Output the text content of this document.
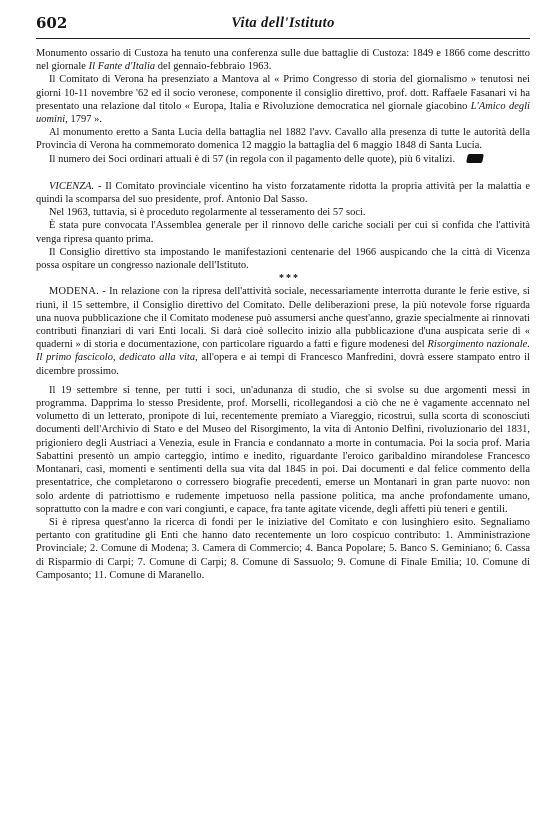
602	Vita dell'Istituto

Monumento ossario di Custoza ha tenuto una conferenza sulle due battaglie di Custoza: 1849 e 1866 come descritto nel giornale Il Fante d'Italia del gennaio-febbraio 1963.

Il Comitato di Verona ha presenziato a Mantova al « Primo Congresso di storia del giornalismo » tenutosi nei giorni 10-11 novembre '62 ed il socio veronese, componente il consiglio direttivo, prof. dott. Raffaele Fasanari vi ha presentato una relazione dal titolo « Europa, Italia e Rivoluzione democratica nel giornale giacobino L'Amico degli uomini, 1797 ».

Al monumento eretto a Santa Lucia della battaglia nel 1882 l'avv. Cavallo alla presenza di tutte le autorità della Provincia di Verona ha commemorato domenica 12 maggio la battaglia del 6 maggio 1848 di Santa Lucia.

Il numero dei Soci ordinari attuali è di 57 (in regola con il pagamento delle quote), più 6 vitalizi.

VICENZA. - Il Comitato provinciale vicentino ha visto forzatamente ridotta la propria attività per la malattia e quindi la scomparsa del suo presidente, prof. Antonio Dal Sasso.

Nel 1963, tuttavia, si è proceduto regolarmente al tesseramento dei 57 soci.

È stata pure convocata l'Assemblea generale per il rinnovo delle cariche sociali per cui si confida che l'attività venga ripresa quanto prima.

Il Consiglio direttivo sta impostando le manifestazioni centenarie del 1966 auspicando che la città di Vicenza possa ospitare un congresso nazionale dell'Istituto.

***

MODENA. - In relazione con la ripresa dell'attività sociale, necessariamente interrotta durante le ferie estive, si riunì, il 15 settembre, il Consiglio direttivo del Comitato. Delle deliberazioni prese, la più notevole forse riguarda una nuova pubblicazione che il Comitato modenese può assumersi anche quest'anno, grazie specialmente ai rinnovati contributi finanziari di vari Enti locali. Si darà cioè sollecito inizio alla pubblicazione d'una auspicata serie di « quaderni » di storia e documentazione, con particolare riguardo a fatti e figure modenesi del Risorgimento nazionale. Il primo fascicolo, dedicato alla vita, all'opera e ai tempi di Francesco Manfredini, dovrà essere stampato entro il dicembre prossimo.

Il 19 settembre si tenne, per tutti i soci, un'adunanza di studio, che si svolse su due argomenti messi in programma. Dapprima lo stesso Presidente, prof. Morselli, ricollegandosi a ciò che ne è vagamente accennato nel volumetto di un letterato, pronipote di lui, recentemente premiato a Viareggio, ricostruì, sulla scorta di sconosciuti documenti dell'Archivio di Stato e del Museo del Risorgimento, la vita di Antonio Delfini, rivoluzionario del 1831, prigioniero degli Austriaci a Venezia, esule in Francia e condannato a morte in contumacia. Poi la socia prof. Maria Sabattini presentò un ampio carteggio, intimo e inedito, riguardante l'eroico garibaldino mirandolese Francesco Montanari, casi, momenti e sentimenti della sua vita dal 1845 in poi. Dai documenti e dal felice commento della presentatrice, che completarono o corressero biografie precedenti, emerse un Montanari in gran parte nuovo: non solo ardente di patriottismo e rudemente impetuoso nella passione politica, ma anche profondamente umano, soprattutto con la madre e con vari congiunti, e capace, fra tante agitate vicende, degli affetti più teneri e gentili.

Si è ripresa quest'anno la ricerca di fondi per le iniziative del Comitato e con lusinghiero esito. Segnaliamo pertanto con gratitudine gli Enti che hanno dato recentemente un loro cospicuo contributo: 1. Amministrazione Provinciale; 2. Comune di Modena; 3. Camera di Commercio; 4. Banca Popolare; 5. Banco S. Geminiano; 6. Cassa di Risparmio di Carpi; 7. Comune di Carpi; 8. Comune di Sassuolo; 9. Comune di Finale Emilia; 10. Comune di Camposanto; 11. Comune di Maranello.
